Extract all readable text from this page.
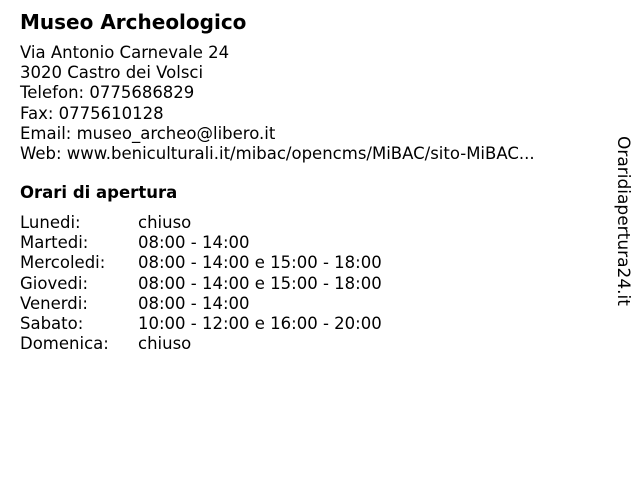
Museo Archeologico
Via Antonio Carnevale 24
3020 Castro dei Volsci
Telefon: 0775686829
Fax: 0775610128
Email: museo_archeo@libero.it
Web: www.beniculturali.it/mibac/opencms/MiBAC/sito-MiBAC...
Orari di apertura
Lunedi:	chiuso
Martedi:	08:00 - 14:00
Mercoledi:	08:00 - 14:00 e 15:00 - 18:00
Giovedi:	08:00 - 14:00 e 15:00 - 18:00
Venerdi:	08:00 - 14:00
Sabato:	10:00 - 12:00 e 16:00 - 20:00
Domenica:	chiuso
Oraridiapertura24.it
